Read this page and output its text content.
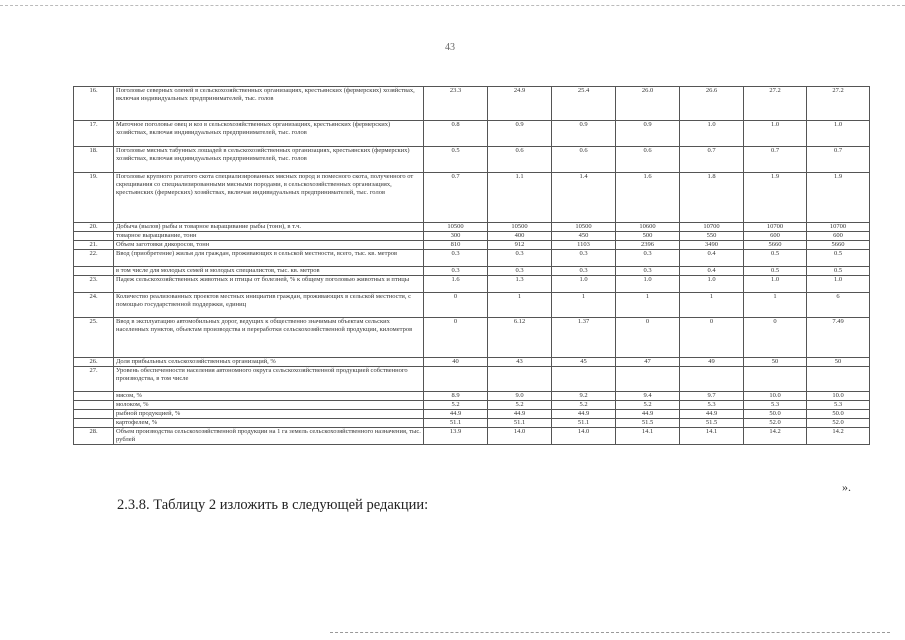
43
16.	Поголовье северных оленей в сельскохозяйственных организациях, крестьянских (фермерских) хозяйствах, включая индивидуальных предпринимателей, тыс. голов	23.3	24.9	25.4	26.0	26.6	27.2	27.2
17.	Маточное поголовье овец и коз в сельскохозяйственных организациях, крестьянских (фермерских) хозяйствах, включая индивидуальных предпринимателей, тыс. голов	0.8	0.9	0.9	0.9	1.0	1.0	1.0
18.	Поголовье мясных табунных лошадей в сельскохозяйственных организациях, крестьянских (фермерских) хозяйствах, включая индивидуальных предпринимателей, тыс. голов	0.5	0.6	0.6	0.6	0.7	0.7	0.7
19.	Поголовье крупного рогатого скота специализированных мясных пород и помесного скота, полученного от скрещивания со специализированными мясными породами, в сельскохозяйственных организациях, крестьянских (фермерских) хозяйствах, включая индивидуальных предпринимателей, тыс. голов	0.7	1.1	1.4	1.6	1.8	1.9	1.9
20.	Добыча (вылов) рыбы и товарное выращивание рыбы (тонн), в т.ч.	10500	10500	10500	10600	10700	10700	10700
	товарное выращивание, тонн	300	400	450	500	550	600	600
21.	Объем заготовки дикоросов, тонн	810	912	1103	2396	3490	5660	5660
22.	Ввод (приобретение) жилья для граждан, проживающих в сельской местности, всего, тыс. кв. метров	0.3	0.3	0.3	0.3	0.4	0.5	0.5
	в том числе для молодых семей и молодых специалистов, тыс. кв. метров	0.3	0.3	0.3	0.3	0.4	0.5	0.5
23.	Падеж сельскохозяйственных животных и птицы от болезней, % к общему поголовью животных и птицы	1.6	1.3	1.0	1.0	1.0	1.0	1.0
24.	Количество реализованных проектов местных инициатив граждан, проживающих в сельской местности, с помощью государственной поддержки, единиц	0	1	1	1	1	1	6
25.	Ввод в эксплуатацию автомобильных дорог, ведущих к общественно значимым объектам сельских населенных пунктов, объектам производства и переработки сельскохозяйственной продукции, километров	0	6.12	1.37	0	0	0	7.49
26.	Доля прибыльных сельскохозяйственных организаций, %	40	43	45	47	49	50	50
27.	Уровень обеспеченности населения автономного округа сельскохозяйственной продукцией собственного производства, в том числе							
	мясом, %	8.9	9.0	9.2	9.4	9.7	10.0	10.0
	молоком, %	5.2	5.2	5.2	5.2	5.3	5.3	5.3
	рыбной продукцией, %	44.9	44.9	44.9	44.9	44.9	50.0	50.0
	картофелем, %	51.1	51.1	51.1	51.5	51.5	52.0	52.0
28.	Объем производства сельскохозяйственной продукции на 1 га земель сельскохозяйственного назначения, тыс. рублей	13.9	14.0	14.0	14.1	14.1	14.2	14.2
».
2.3.8. Таблицу 2 изложить в следующей редакции:
